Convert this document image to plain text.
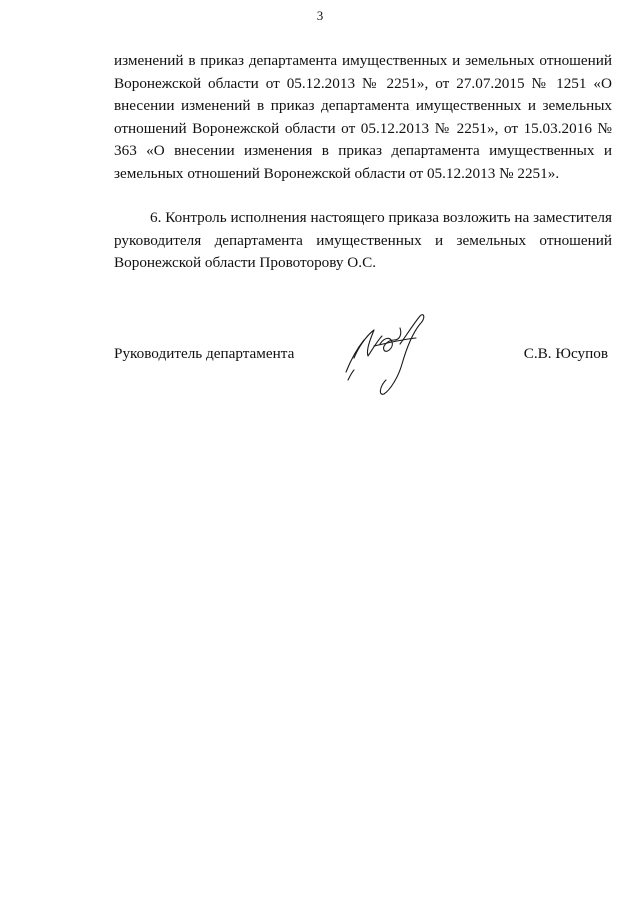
3

изменений в приказ департамента имущественных и земельных отношений Воронежской области от 05.12.2013 № 2251», от 27.07.2015 № 1251 «О внесении изменений в приказ департамента имущественных и земельных отношений Воронежской области от 05.12.2013 № 2251», от 15.03.2016 № 363 «О внесении изменения в приказ департамента имущественных и земельных отношений Воронежской области от 05.12.2013 № 2251».

6. Контроль исполнения настоящего приказа возложить на заместителя руководителя департамента имущественных и земельных отношений Воронежской области Провоторову О.С.

Руководитель департамента	С.В. Юсупов
